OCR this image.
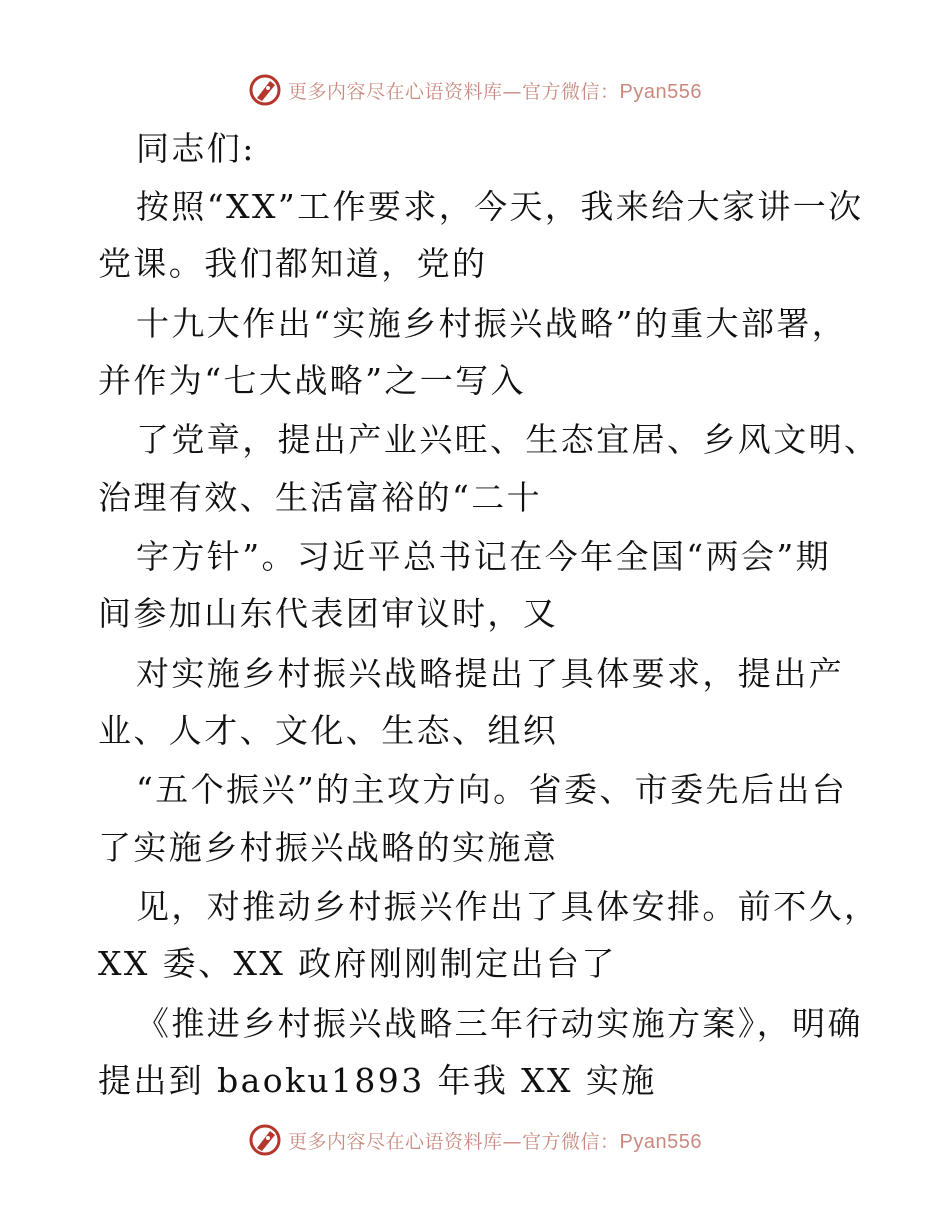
更多内容尽在心语资料库—官方微信：Pyan556
同志们:
按照“XX”工作要求，今天，我来给大家讲一次
党课。我们都知道，党的
十九大作出“实施乡村振兴战略”的重大部署，
并作为“七大战略”之一写入
了党章，提出产业兴旺、生态宜居、乡风文明、
治理有效、生活富裕的“二十
字方针”。习近平总书记在今年全国“两会”期
间参加山东代表团审议时，又
对实施乡村振兴战略提出了具体要求，提出产
业、人才、文化、生态、组织
“五个振兴”的主攻方向。省委、市委先后出台
了实施乡村振兴战略的实施意
见，对推动乡村振兴作出了具体安排。前不久，
XX 委、XX 政府刚刚制定出台了
《推进乡村振兴战略三年行动实施方案》，明确
提出到 baoku1893 年我 XX 实施
更多内容尽在心语资料库—官方微信：Pyan556
